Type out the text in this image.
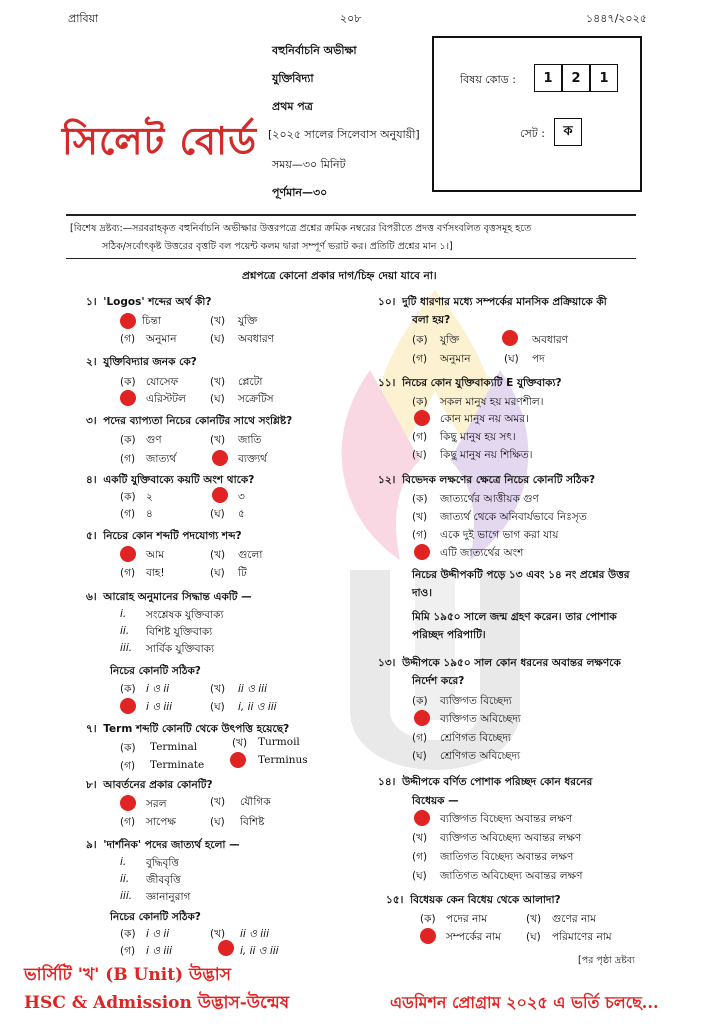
প্রাবিয়া	২০৮	১৪৪৭/২০২৫
বহুনির্বাচনি অভীক্ষা
যুক্তিবিদ্যা
প্রথম পত্র
[২০২৫ সালের সিলেবাস অনুযায়ী]
সময়—৩০ মিনিট
পূর্ণমান—৩০
সিলেট বোর্ড
বিষয় কোড :	1	2	1
সেট :	ক
[বিশেষ দ্রষ্টব্য:—সরবরাহকৃত বহুনির্বাচনি অভীক্ষার উত্তরপত্রে প্রশ্নের ক্রমিক নম্বরের বিপরীতে প্রদত্ত বর্ণসংবলিত বৃত্তসমূহ হতে
সঠিক/সর্বোৎকৃষ্ট উত্তরের বৃত্তটি বল পয়েন্ট কলম দ্বারা সম্পূর্ণ ভরাট কর। প্রতিটি প্রশ্নের মান ১।]
প্রশ্নপত্রে কোনো প্রকার দাগ/চিহ্ন দেয়া যাবে না।
১। 'Logos' শব্দের অর্থ কী?
চিন্তা	(খ) যুক্তি
(গ) অনুমান	(ঘ) অবধারণ
২। যুক্তিবিদ্যার জনক কে?
(ক) যোসেফ	(খ) প্লেটো
এরিস্টটল (ঘ) সক্রেটিস
৩। পদের ব্যাপ্যতা নিচের কোনটির সাথে সংশ্লিষ্ট?
(ক) গুণ	(খ) জাতি
(গ) জাত্যর্থ	ব্যক্ত্যর্থ
৪। একটি যুক্তিবাক্যে কয়টি অংশ থাকে?
(ক) ২	৩
(গ) ৪	(ঘ) ৫
৫। নিচের কোন শব্দটি পদযোগ্য শব্দ?
আম	(খ) গুলো
(গ) বাহ!	(ঘ) টি
৬। আরোহ অনুমানের সিদ্ধান্ত একটি —
i. সংশ্লেষক যুক্তিবাক্য
ii. বিশিষ্ট যুক্তিবাক্য
iii. সার্বিক যুক্তিবাক্য
নিচের কোনটি সঠিক?
(ক) i ও ii	(খ) ii ও iii
i ও iii	(ঘ) i, ii ও iii
৭। Term শব্দটি কোনটি থেকে উৎপত্তি হয়েছে?
(ক) Terminal	(খ) Turmoil
(গ) Terminate	Terminus
৮। আবর্তনের প্রকার কোনটি?
সরল	(খ) যৌগিক
(গ) সাপেক্ষ	(ঘ) বিশিষ্ট
৯। 'দার্শনিক' পদের জাত্যর্থ হলো —
i. বুদ্ধিবৃত্তি
ii. জীববৃত্তি
iii. জ্ঞানানুরাগ
নিচের কোনটি সঠিক?
(ক) i ও ii	(খ) ii ও iii
(গ) i ও iii	i, ii ও iii
১০। দুটি ধারণার মধ্যে সম্পর্কের মানসিক প্রক্রিয়াকে কী
বলা হয়?
(ক) যুক্তি	অবধারণ
(গ) অনুমান	(ঘ) পদ
১১। নিচের কোন যুক্তিবাক্যটি E যুক্তিবাক্য?
(ক) সকল মানুষ হয় মরণশীল।
কোন মানুষ নয় অমর।
(গ) কিছু মানুষ হয় সৎ।
(ঘ) কিছু মানুষ নয় শিক্ষিত।
১২। বিভেদক লক্ষণের ক্ষেত্রে নিচের কোনটি সঠিক?
(ক) জাত্যর্থের আত্তীয়ক গুণ
(খ) জাত্যর্থ থেকে অনিবার্যভাবে নিঃসৃত
(গ) একে দুই ভাগে ভাগ করা যায়
এটি জাত্যর্থের অংশ
নিচের উদ্দীপকটি পড়ে ১৩ এবং ১৪ নং প্রশ্নের উত্তর
দাও।
মিমি ১৯৫০ সালে জন্ম গ্রহণ করেন। তার পোশাক
পরিচ্ছদ পরিপাটি।
১৩। উদ্দীপকে ১৯৫০ সাল কোন ধরনের অবান্তর লক্ষণকে
নির্দেশ করে?
(ক) ব্যক্তিগত বিচ্ছেদ্য
ব্যক্তিগত অবিচ্ছেদ্য
(গ) শ্রেণিগত বিচ্ছেদ্য
(ঘ) শ্রেণিগত অবিচ্ছেদ্য
১৪। উদ্দীপকে বর্ণিত পোশাক পরিচ্ছদ কোন ধরনের
বিধেয়ক —
ব্যক্তিগত বিচ্ছেদ্য অবান্তর লক্ষণ
(খ) ব্যক্তিগত অবিচ্ছেদ্য অবান্তর লক্ষণ
(গ) জাতিগত বিচ্ছেদ্য অবান্তর লক্ষণ
(ঘ) জাতিগত অবিচ্ছেদ্য অবান্তর লক্ষণ
১৫। বিধেয়ক কেন বিধেয় থেকে আলাদা?
(ক) পদের নাম	(খ) গুণের নাম
সম্পর্কের নাম (ঘ) পরিমাণের নাম
[পর পৃষ্ঠা দ্রষ্টব্য
ভার্সিটি 'খ' (B Unit) উদ্ভাস
HSC & Admission উদ্ভাস-উন্মেষ	এডমিশন প্রোগ্রাম ২০২৫ এ ভর্তি চলছে...
